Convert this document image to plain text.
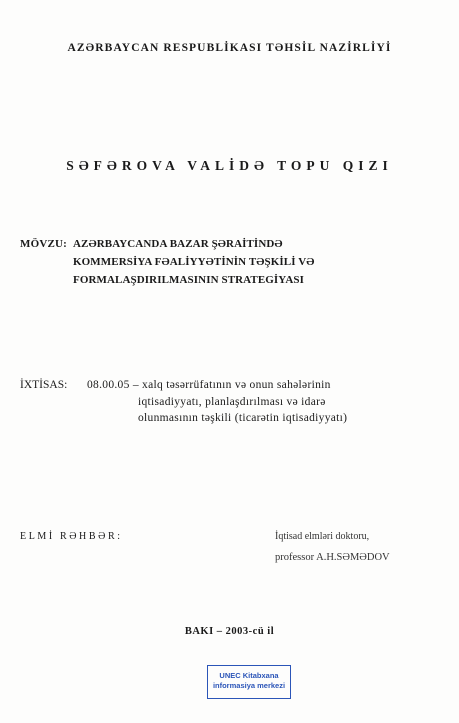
AZƏRBAYCAN RESPUBLİKASI TƏHSİL NAZİRLİYİ
SƏFƏROVA VALİDƏ TOPU QIZI
MÖVZU: AZƏRBAYCANDA BAZAR ŞƏRAİTİNDƏ
KOMMERSİYA FƏALİYYƏTİNİN TƏŞKİLİ VƏ
FORMALAŞDIRILMASININ STRATEGİYASI
İXTİSAS: 08.00.05 – xalq təsərrüfatının və onun sahələrinin
iqtisadiyyatı, planlaşdırılması və idarə
olunmasının təşkili (ticarətin iqtisadiyyatı)
ELMİ RƏHBƏR:	İqtisad elmləri doktoru,
professor A.H.SƏMƏDOV
BAKI – 2003-cü il
UNEC Kitabxana
informasiya merkezi
